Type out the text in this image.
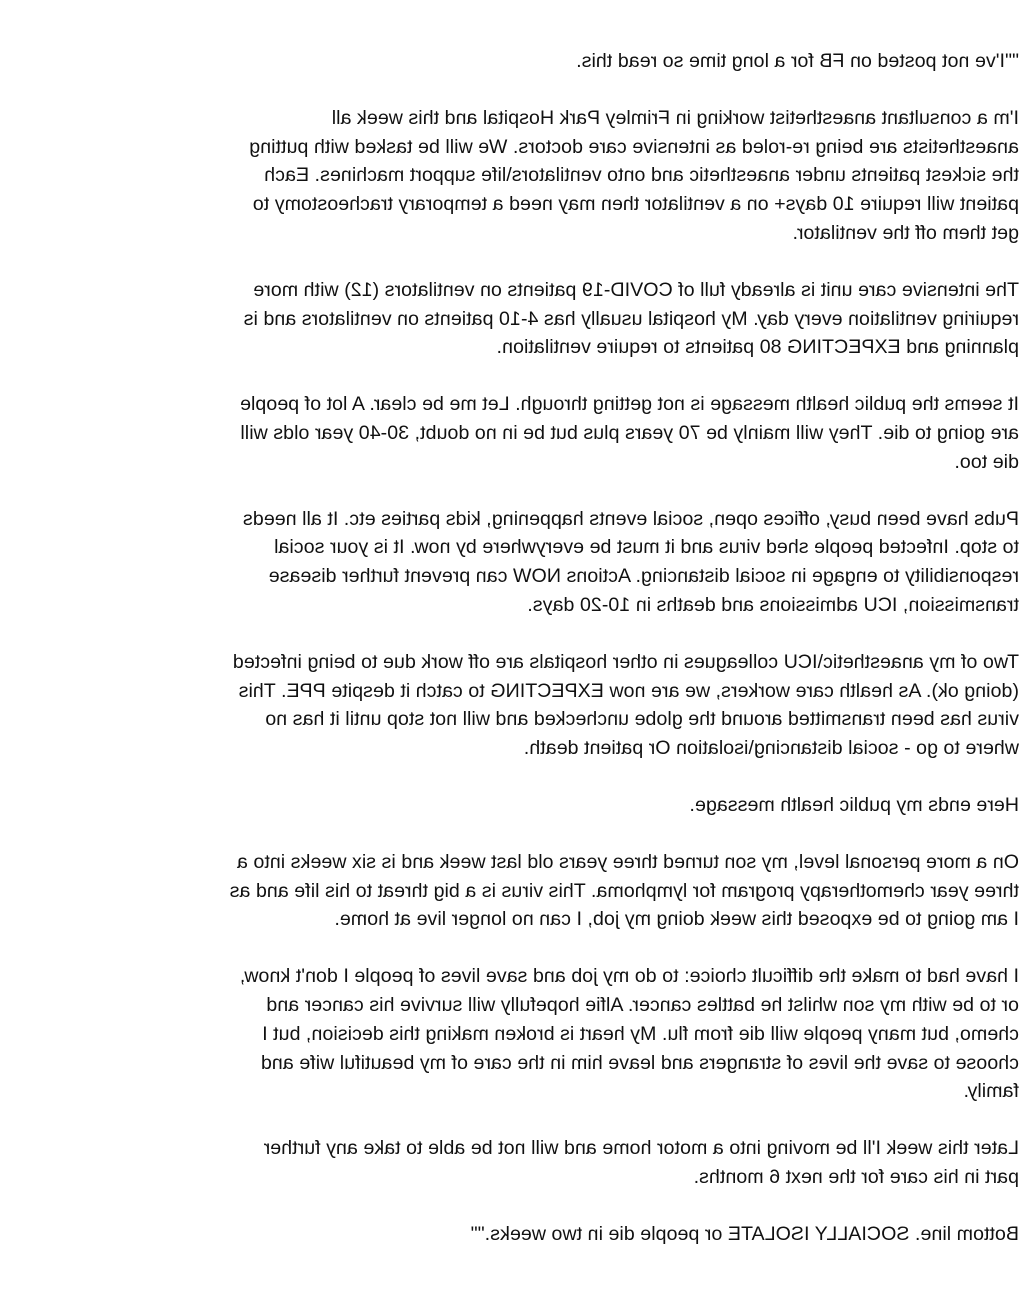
""I've not posted on FB for a long time so read this.

I'm a consultant anaesthetist working in Frimley Park Hospital and this week all
anaesthetists are being re-roled as intensive care doctors. We will be tasked with putting
the sickest patients under anaesthetic and onto ventilators\life support machines. Each
patient will require 10 days+ on a ventilator then may need a temporary tracheostomy to
get them off the ventilator.

The intensive care unit is already full of COVID-19 patients on ventilators (12) with more
requiring ventilation every day. My hospital usually has 4-10 patients on ventilators and is
planning and EXPECTING 80 patients to require ventilation.

It seems the public health message is not getting through. Let me be clear. A lot of people
are going to die. They will mainly be 70 years plus but be in no doubt, 30-40 year olds will
die too.

Pubs have been busy, offices open, social events happening, kids parties etc. It all needs
to stop. Infected people shed virus and it must be everywhere by now. It is your social
responsibility to engage in social distancing. Actions NOW can prevent further disease
transmission, ICU admissions and deaths in 10-20 days.

Two of my anaesthetic\ICU colleagues in other hospitals are off work due to being infected
(doing ok). As health care workers, we are now EXPECTING to catch it despite PPE. This
virus has been transmitted around the globe unchecked and will not stop until it has no
where to go - social distancing\isolation Or patient death.

Here ends my public health message.

On a more personal level, my son turned three years old last week and is six weeks into a
three year chemotherapy program for lymphoma. This virus is a big threat to his life and as
I am going to be exposed this week doing my job, I can no longer live at home.

I have had to make the difficult choice: to do my job and save lives of people I don't know,
or to be with my son whilst he battles cancer. Alfie hopefully will survive his cancer and
chemo, but many people will die from flu. My heart is broken making this decision, but I
choose to save the lives of strangers and leave him in the care of my beautiful wife and
family.

Later this week I'll be moving into a motor home and will not be able to take any further
part in his care for the next 6 months.

Bottom line. SOCIALLY ISOLATE or people die in two weeks.""
